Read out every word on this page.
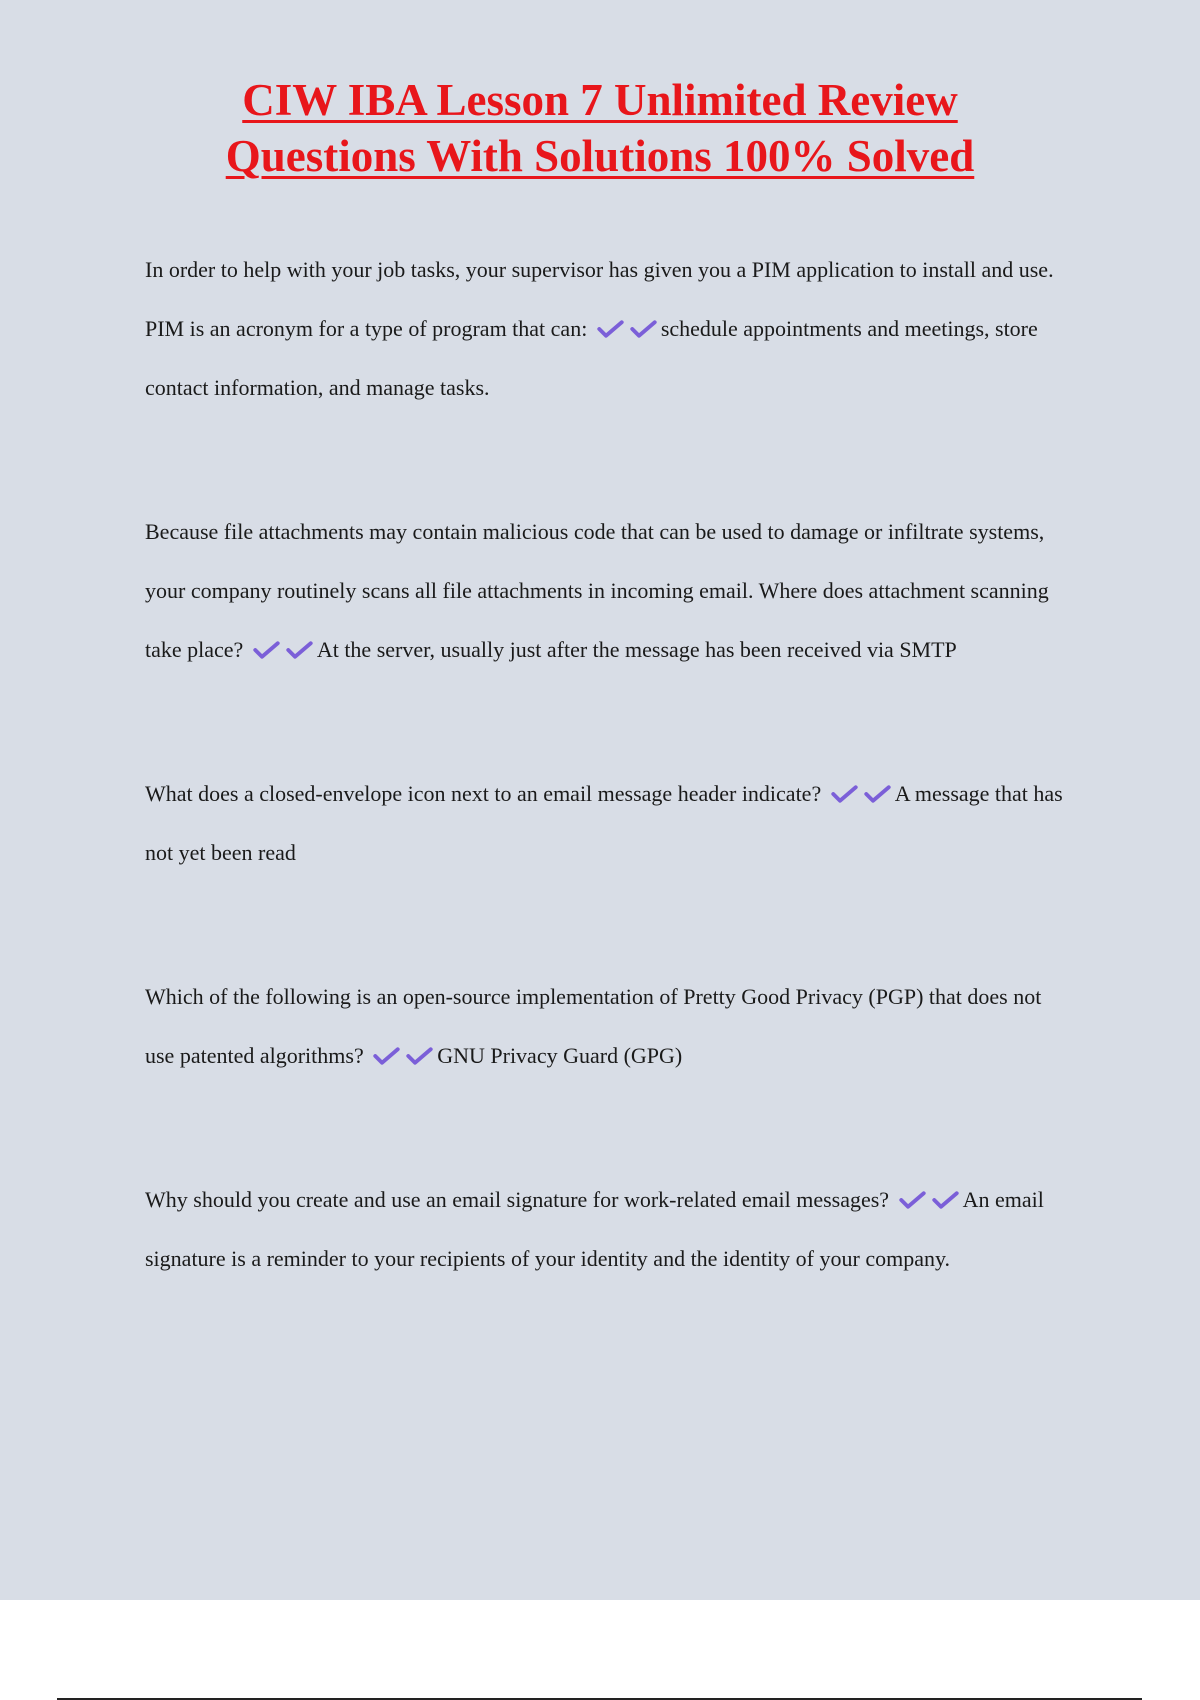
CIW IBA Lesson 7 Unlimited Review
Questions With Solutions 100% Solved

In order to help with your job tasks, your supervisor has given you a PIM application to install and use. PIM is an acronym for a type of program that can:	schedule appointments and meetings, store contact information, and manage tasks.

Because file attachments may contain malicious code that can be used to damage or infiltrate systems, your company routinely scans all file attachments in incoming email. Where does attachment scanning take place?	At the server, usually just after the message has been received via SMTP

What does a closed-envelope icon next to an email message header indicate?	A message that has not yet been read

Which of the following is an open-source implementation of Pretty Good Privacy (PGP) that does not use patented algorithms?	GNU Privacy Guard (GPG)

Why should you create and use an email signature for work-related email messages?	An email signature is a reminder to your recipients of your identity and the identity of your company.
